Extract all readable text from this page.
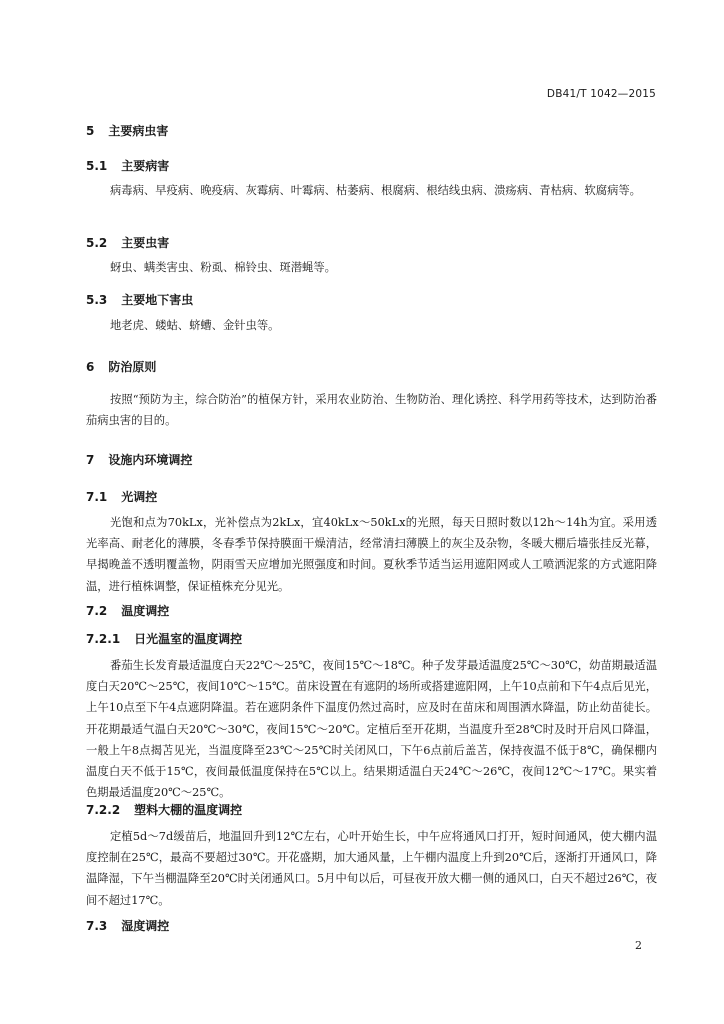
DB41/T 1042—2015
5 主要病虫害
5.1 主要病害
病毒病、早疫病、晚疫病、灰霉病、叶霉病、枯萎病、根腐病、根结线虫病、溃疡病、青枯病、软腐病等。
5.2 主要虫害
蚜虫、螨类害虫、粉虱、棉铃虫、斑潜蝇等。
5.3 主要地下害虫
地老虎、蝼蛄、蛴螬、金针虫等。
6 防治原则
按照“预防为主，综合防治”的植保方针，采用农业防治、生物防治、理化诱控、科学用药等技术，达到防治番茄病虫害的目的。
7 设施内环境调控
7.1 光调控
光饱和点为70kLx，光补偿点为2kLx，宜40kLx～50kLx的光照，每天日照时数以12h～14h为宜。采用透光率高、耐老化的薄膜，冬春季节保持膜面干燥清洁，经常清扫薄膜上的灰尘及杂物，冬暖大棚后墙张挂反光幕，早揭晚盖不透明覆盖物，阴雨雪天应增加光照强度和时间。夏秋季节适当运用遮阳网或人工喷洒泥浆的方式遮阳降温，进行植株调整，保证植株充分见光。
7.2 温度调控
7.2.1 日光温室的温度调控
番茄生长发育最适温度白天22℃～25℃，夜间15℃～18℃。种子发芽最适温度25℃～30℃，幼苗期最适温度白天20℃～25℃，夜间10℃～15℃。苗床设置在有遮阴的场所或搭建遮阳网，上午10点前和下午4点后见光，上午10点至下午4点遮阴降温。若在遮阴条件下温度仍然过高时，应及时在苗床和周围洒水降温，防止幼苗徒长。开花期最适气温白天20℃～30℃，夜间15℃～20℃。定植后至开花期，当温度升至28℃时及时开启风口降温，一般上午8点揭苫见光，当温度降至23℃～25℃时关闭风口，下午6点前后盖苫，保持夜温不低于8℃，确保棚内温度白天不低于15℃，夜间最低温度保持在5℃以上。结果期适温白天24℃～26℃，夜间12℃～17℃。果实着色期最适温度20℃～25℃。
7.2.2 塑料大棚的温度调控
定植5d～7d缓苗后，地温回升到12℃左右，心叶开始生长，中午应将通风口打开，短时间通风，使大棚内温度控制在25℃，最高不要超过30℃。开花盛期，加大通风量，上午棚内温度上升到20℃后，逐渐打开通风口，降温降湿，下午当棚温降至20℃时关闭通风口。5月中旬以后，可昼夜开放大棚一侧的通风口，白天不超过26℃，夜间不超过17℃。
7.3 湿度调控
2
